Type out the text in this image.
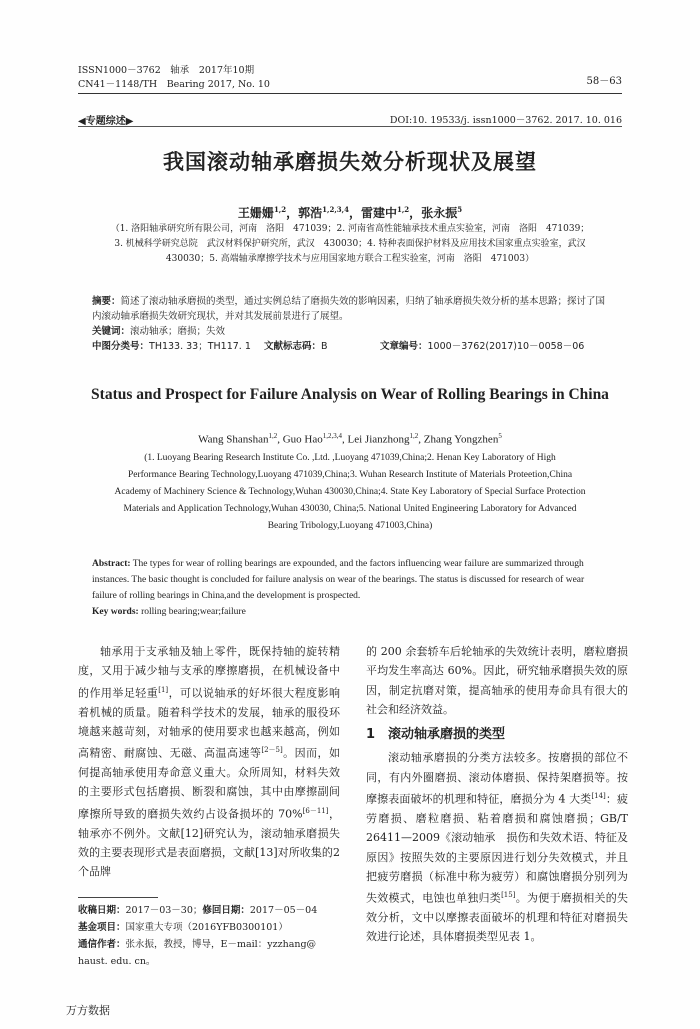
ISSN1000－3762　 轴承　 2017年10期
CN41－1148/TH　 Bearing 2017, No. 10	58－63
◀专题综述▶	DOI:10. 19533/j. issn1000－3762. 2017. 10. 016
我国滚动轴承磨损失效分析现状及展望
王姗姗$^{1,2}$，郭浩$^{1,2,3,4}$，雷建中$^{1,2}$，张永振$^5$
（1. 洛阳轴承研究所有限公司，河南　洛阳　471039；2. 河南省高性能轴承技术重点实验室，河南　洛阳　471039；
3. 机械科学研究总院　武汉材料保护研究所，武汉　430030；4. 特种表面保护材料及应用技术国家重点实验室，武汉
430030；5. 高端轴承摩擦学技术与应用国家地方联合工程实验室，河南　洛阳　471003）
摘要：简述了滚动轴承磨损的类型，通过实例总结了磨损失效的影响因素，归纳了轴承磨损失效分析的基本思路；探讨了国内滚动轴承磨损失效研究现状，并对其发展前景进行了展望。
关键词：滚动轴承；磨损；失效
中图分类号：TH133. 33；TH117. 1 文献标志码：B	文章编号：1000－3762(2017)10－0058－06
Status and Prospect for Failure Analysis on Wear of Rolling Bearings in China
Wang Shanshan$^{1,2}$, Guo Hao$^{1,2,3,4}$, Lei Jianzhong$^{1,2}$, Zhang Yongzhen$^5$
(1. Luoyang Bearing Research Institute Co. ,Ltd. ,Luoyang 471039,China;2. Henan Key Laboratory of High
Performance Bearing Technology,Luoyang 471039,China;3. Wuhan Research Institute of Materials Proteetion,China
Academy of Machinery Science & Technology,Wuhan 430030,China;4. State Key Laboratory of Special Surface Protection
Materials and Application Technology,Wuhan 430030, China;5. National United Engineering Laboratory for Advanced
Bearing Tribology,Luoyang 471003,China)
Abstract: The types for wear of rolling bearings are expounded, and the factors influencing wear failure are summarized through instances. The basic thought is concluded for failure analysis on wear of the bearings. The status is discussed for research of wear failure of rolling bearings in China,and the development is prospected.
Key words: rolling bearing;wear;failure

轴承用于支承轴及轴上零件，既保持轴的旋转精度，又用于减少轴与支承的摩擦磨损，在机械设备中的作用举足轻重[1]，可以说轴承的好坏很大程度影响着机械的质量。随着科学技术的发展，轴承的服役环境越来越苛刻，对轴承的使用要求也越来越高，例如高精密、耐腐蚀、无磁、高温高速等[2－5]。因而，如何提高轴承使用寿命意义重大。众所周知，材料失效的主要形式包括磨损、断裂和腐蚀，其中由摩擦副间摩擦所导致的磨损失效约占设备损坏的 70%[6－11]，轴承亦不例外。文献[12]研究认为，滚动轴承磨损失效的主要表现形式是表面磨损，文献[13]对所收集的2个品牌

收稿日期：2017－03－30；修回日期：2017－05－04
基金项目：国家重大专项（2016YFB0300101）
通信作者：张永振，教授，博导，E－mail：yzzhang@ haust. edu. cn。

的 200 余套轿车后轮轴承的失效统计表明，磨粒磨损平均发生率高达 60%。因此，研究轴承磨损失效的原因，制定抗磨对策，提高轴承的使用寿命具有很大的社会和经济效益。

1　滚动轴承磨损的类型

滚动轴承磨损的分类方法较多。按磨损的部位不同，有内外圈磨损、滚动体磨损、保持架磨损等。按摩擦表面破坏的机理和特征，磨损分为 4 大类[14]：疲劳磨损、磨粒磨损、粘着磨损和腐蚀磨损；GB/T 26411—2009《滚动轴承　损伤和失效术语、特征及原因》按照失效的主要原因进行划分失效模式，并且把疲劳磨损（标准中称为疲劳）和腐蚀磨损分别列为失效模式，电蚀也单独归类[15]。为便于磨损相关的失效分析，文中以摩擦表面破坏的机理和特征对磨损失效进行论述，具体磨损类型见表 1。

万方数据
